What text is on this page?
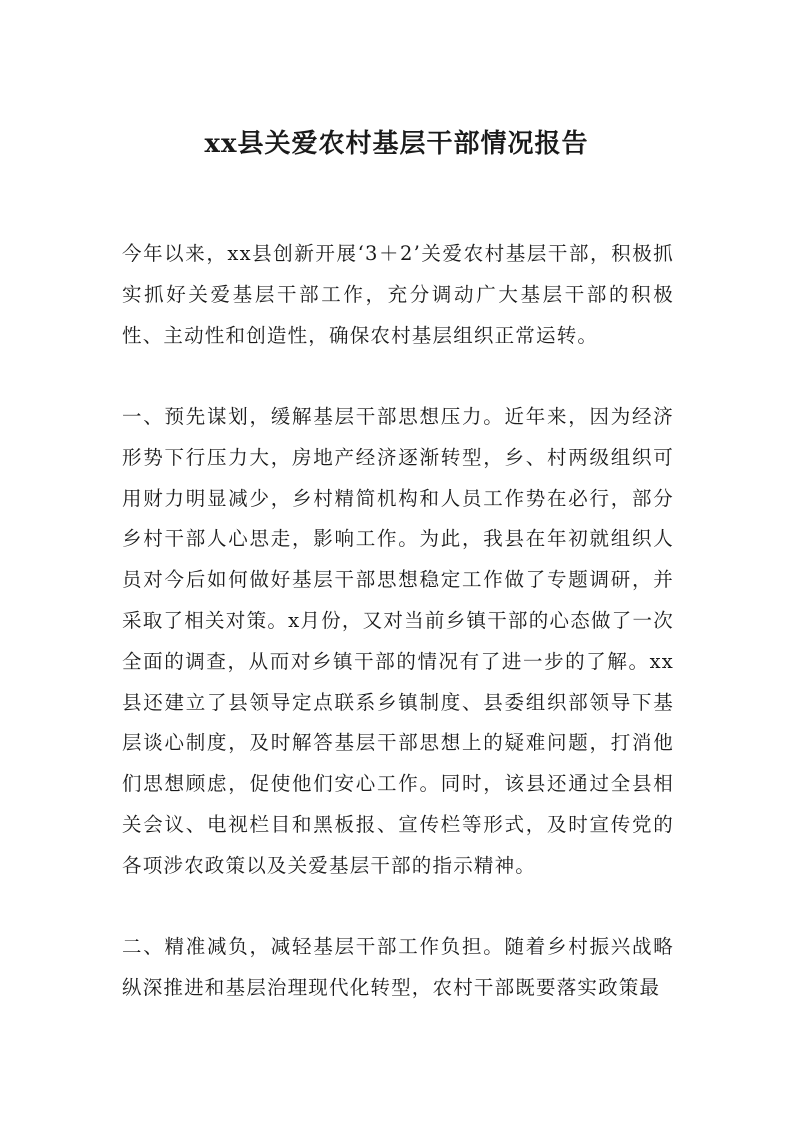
xx县关爱农村基层干部情况报告

今年以来，xx县创新开展‘3＋2’关爱农村基层干部，积极抓实抓好关爱基层干部工作，充分调动广大基层干部的积极性、主动性和创造性，确保农村基层组织正常运转。

一、预先谋划，缓解基层干部思想压力。近年来，因为经济形势下行压力大，房地产经济逐渐转型，乡、村两级组织可用财力明显减少，乡村精简机构和人员工作势在必行，部分乡村干部人心思走，影响工作。为此，我县在年初就组织人员对今后如何做好基层干部思想稳定工作做了专题调研，并采取了相关对策。x月份，又对当前乡镇干部的心态做了一次全面的调查，从而对乡镇干部的情况有了进一步的了解。xx县还建立了县领导定点联系乡镇制度、县委组织部领导下基层谈心制度，及时解答基层干部思想上的疑难问题，打消他们思想顾虑，促使他们安心工作。同时，该县还通过全县相关会议、电视栏目和黑板报、宣传栏等形式，及时宣传党的各项涉农政策以及关爱基层干部的指示精神。

二、精准减负，减轻基层干部工作负担。随着乡村振兴战略纵深推进和基层治理现代化转型，农村干部既要落实政策最
